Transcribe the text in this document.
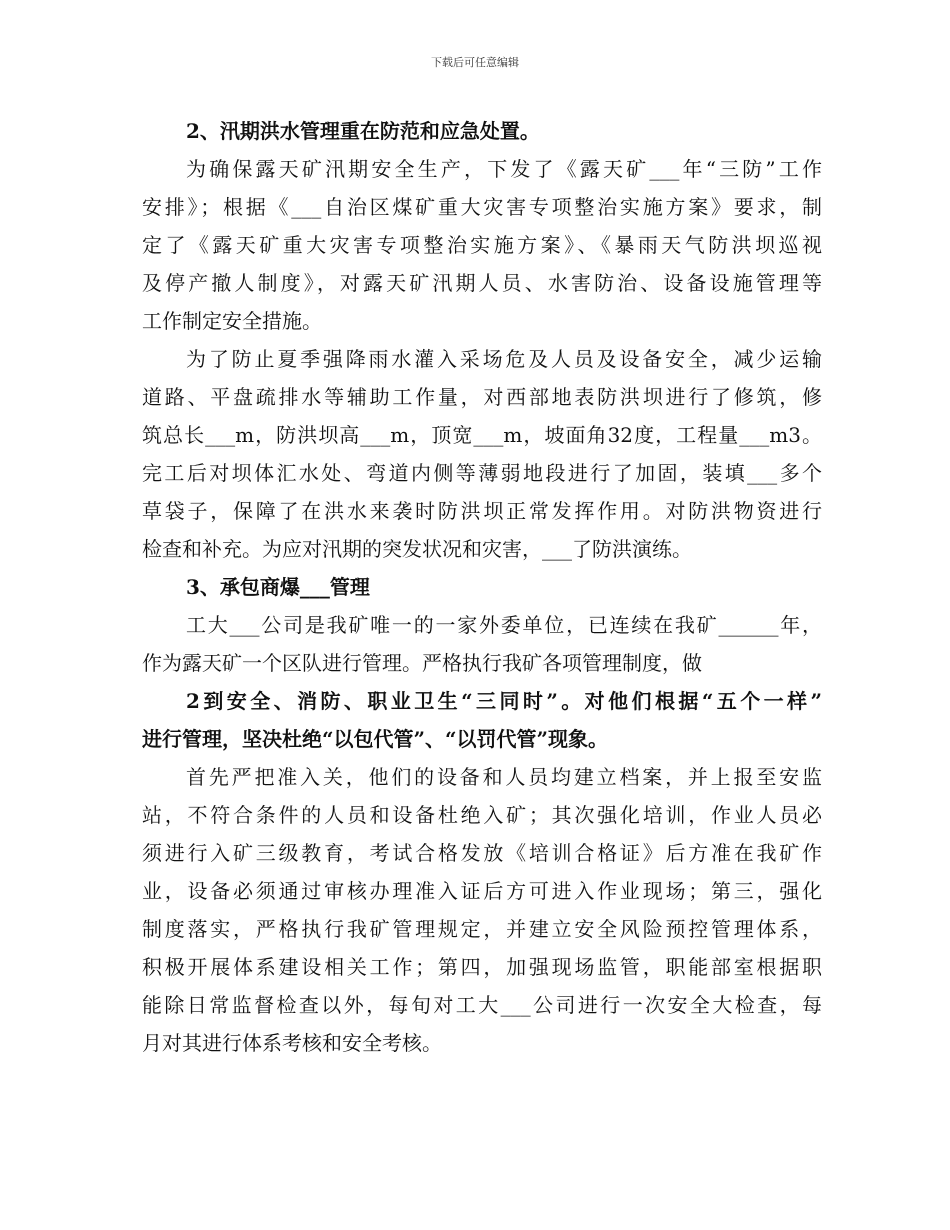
下载后可任意编辑
2、汛期洪水管理重在防范和应急处置。
为确保露天矿汛期安全生产，下发了《露天矿___年“三防”工作
安排》；根据《___自治区煤矿重大灾害专项整治实施方案》要求，制
定了《露天矿重大灾害专项整治实施方案》、《暴雨天气防洪坝巡视
及停产撤人制度》，对露天矿汛期人员、水害防治、设备设施管理等
工作制定安全措施。
为了防止夏季强降雨水灌入采场危及人员及设备安全，减少运输
道路、平盘疏排水等辅助工作量，对西部地表防洪坝进行了修筑，修
筑总长___m，防洪坝高___m，顶宽___m，坡面角32度，工程量___m3。
完工后对坝体汇水处、弯道内侧等薄弱地段进行了加固，装填___多个
草袋子，保障了在洪水来袭时防洪坝正常发挥作用。对防洪物资进行
检查和补充。为应对汛期的突发状况和灾害，___了防洪演练。
3、承包商爆___管理
工大___公司是我矿唯一的一家外委单位，已连续在我矿______年，
作为露天矿一个区队进行管理。严格执行我矿各项管理制度，做
2到安全、消防、职业卫生“三同时”。对他们根据“五个一样”
进行管理，坚决杜绝“以包代管”、“以罚代管”现象。
首先严把准入关，他们的设备和人员均建立档案，并上报至安监
站，不符合条件的人员和设备杜绝入矿；其次强化培训，作业人员必
须进行入矿三级教育，考试合格发放《培训合格证》后方准在我矿作
业，设备必须通过审核办理准入证后方可进入作业现场；第三，强化
制度落实，严格执行我矿管理规定，并建立安全风险预控管理体系，
积极开展体系建设相关工作；第四，加强现场监管，职能部室根据职
能除日常监督检查以外，每旬对工大___公司进行一次安全大检查，每
月对其进行体系考核和安全考核。
